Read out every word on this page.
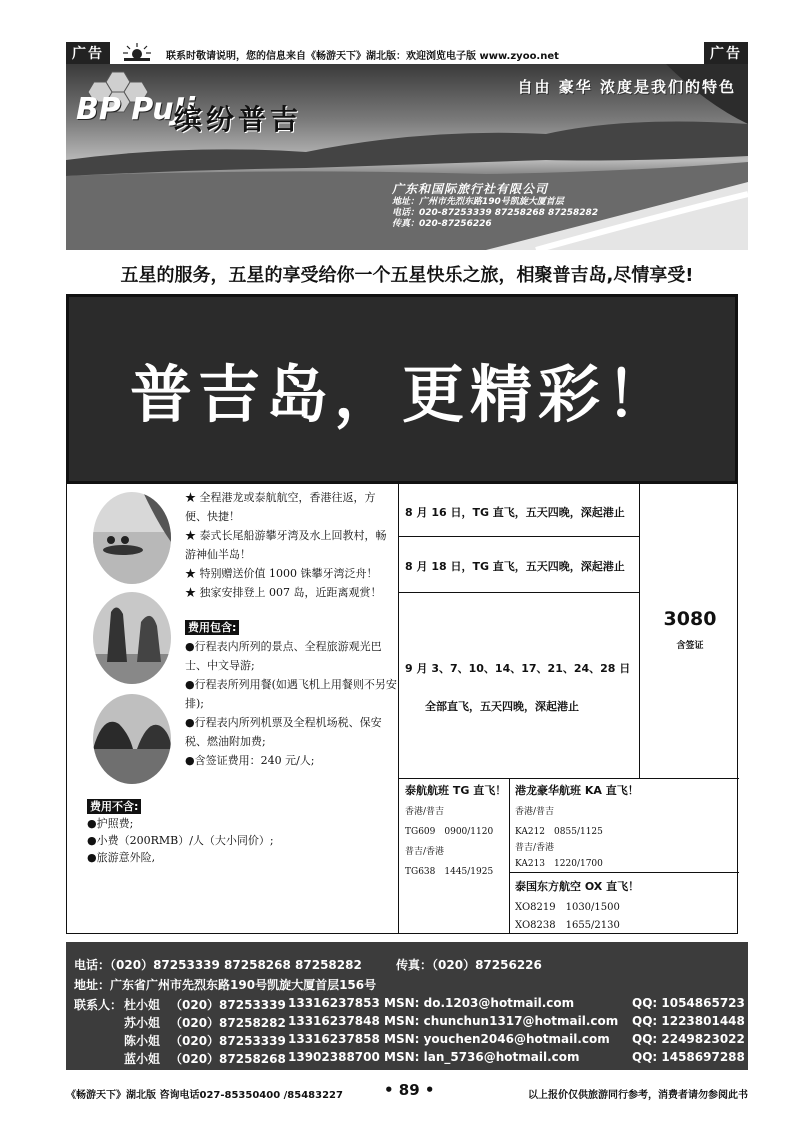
广告	联系时敬请说明，您的信息来自《畅游天下》湖北版：欢迎浏览电子版 www.zyoo.net	广告
自由 豪华 浓度是我们的特色
BP PuJi
缤纷普吉
广东和国际旅行社有限公司
地址：广州市先烈东路190号凯旋大厦首层
电话：020-87253339 87258268 87258282
传真：020-87256226
五星的服务，五星的享受给你一个五星快乐之旅，相聚普吉岛,尽情享受!
普吉岛，更精彩！
★ 全程港龙或泰航航空，香港往返，方便、快捷！
★ 泰式长尾船游攀牙湾及水上回教村，畅游神仙半岛！
★ 特别赠送价值 1000 铢攀牙湾泛舟！
★ 独家安排登上 007 岛，近距离观赏！
费用包含:
●行程表内所列的景点、全程旅游观光巴士、中文导游;
●行程表所列用餐(如遇飞机上用餐则不另安排);
●行程表内所列机票及全程机场税、保安税、燃油附加费;
●含签证费用：240 元/人;
费用不含:
●护照费;
●小费（200RMB）/人（大小同价）;
●旅游意外险,
8 月 16 日，TG 直飞，五天四晚，深起港止
8 月 18 日，TG 直飞，五天四晚，深起港止
9 月 3、7、10、14、17、21、24、28 日
全部直飞，五天四晚，深起港止
3080
含签证
泰航航班 TG 直飞！
香港/普吉
TG609　0900/1120
普吉/香港
TG638　1445/1925
港龙豪华航班 KA 直飞！
香港/普吉
KA212　0855/1125
普吉/香港
KA213　1220/1700
泰国东方航空 OX 直飞！
XO8219　1030/1500
XO8238　1655/2130
电话：（020）87253339 87258268 87258282	传真：（020）87256226
地址：广东省广州市先烈东路190号凯旋大厦首层156号
联系人： 杜小姐 （020）87253339 13316237853 MSN: do.1203@hotmail.com	QQ: 1054865723
苏小姐 （020）87258282 13316237848 MSN: chunchun1317@hotmail.com QQ: 1223801448
陈小姐 （020）87253339 13316237858 MSN: youchen2046@hotmail.com QQ: 2249823022
蓝小姐 （020）87258268 13902388700 MSN: lan_5736@hotmail.com	QQ: 1458697288
《畅游天下》湖北版 咨询电话027-85350400 /85483227	• 89 •	以上报价仅供旅游同行参考，消费者请勿参阅此书
